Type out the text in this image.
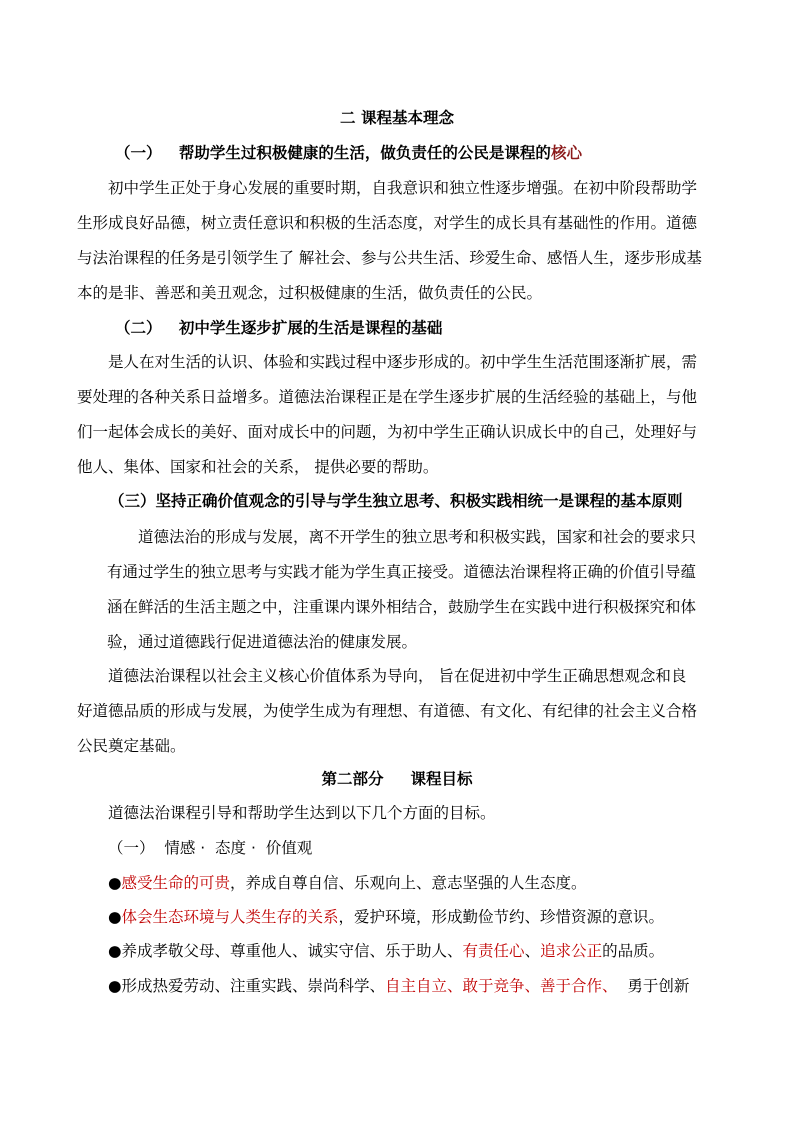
二 课程基本理念
（一） 帮助学生过积极健康的生活，做负责任的公民是课程的核心
初中学生正处于身心发展的重要时期，自我意识和独立性逐步增强。在初中阶段帮助学
生形成良好品德，树立责任意识和积极的生活态度，对学生的成长具有基础性的作用。道德
与法治课程的任务是引领学生了 解社会、参与公共生活、珍爱生命、感悟人生，逐步形成基
本的是非、善恶和美丑观念，过积极健康的生活，做负责任的公民。
（二） 初中学生逐步扩展的生活是课程的基础
是人在对生活的认识、体验和实践过程中逐步形成的。初中学生生活范围逐渐扩展，需
要处理的各种关系日益增多。道德法治课程正是在学生逐步扩展的生活经验的基础上，与他
们一起体会成长的美好、面对成长中的问题，为初中学生正确认识成长中的自己，处理好与
他人、集体、国家和社会的关系， 提供必要的帮助。
（三）坚持正确价值观念的引导与学生独立思考、积极实践相统一是课程的基本原则
道德法治的形成与发展，离不开学生的独立思考和积极实践，国家和社会的要求只
有通过学生的独立思考与实践才能为学生真正接受。道德法治课程将正确的价值引导蕴
涵在鲜活的生活主题之中，注重课内课外相结合，鼓励学生在实践中进行积极探究和体
验，通过道德践行促进道德法治的健康发展。
道德法治课程以社会主义核心价值体系为导向， 旨在促进初中学生正确思想观念和良
好道德品质的形成与发展，为使学生成为有理想、有道德、有文化、有纪律的社会主义合格
公民奠定基础。
第二部分     课程目标
道德法治课程引导和帮助学生达到以下几个方面的目标。
（一）  情感 ·  态度 ·  价值观
●感受生命的可贵，养成自尊自信、乐观向上、意志坚强的人生态度。
●体会生态环境与人类生存的关系，爱护环境，形成勤俭节约、珍惜资源的意识。
●养成孝敬父母、尊重他人、诚实守信、乐于助人、有责任心、追求公正的品质。
●形成热爱劳动、注重实践、崇尚科学、自主自立、敢于竞争、善于合作、  勇于创新
